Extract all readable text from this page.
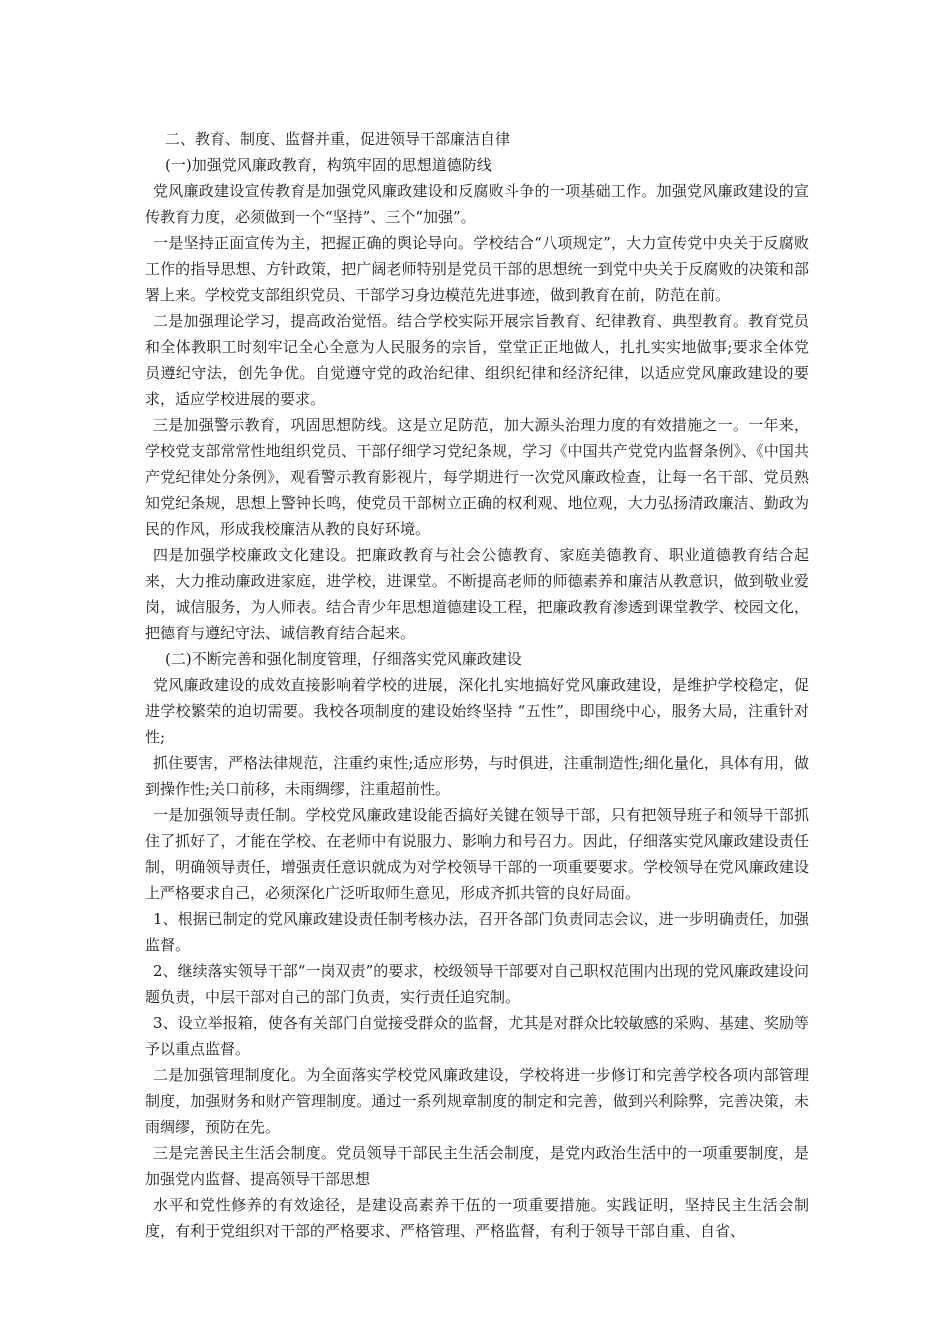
二、教育、制度、监督并重，促进领导干部廉洁自律

(一)加强党风廉政教育，构筑牢固的思想道德防线

党风廉政建设宣传教育是加强党风廉政建设和反腐败斗争的一项基础工作。加强党风廉政建设的宣传教育力度，必须做到一个“坚持”、三个“加强”。

一是坚持正面宣传为主，把握正确的舆论导向。学校结合“八项规定”，大力宣传党中央关于反腐败工作的指导思想、方针政策，把广阔老师特别是党员干部的思想统一到党中央关于反腐败的决策和部署上来。学校党支部组织党员、干部学习身边模范先进事迹，做到教育在前，防范在前。

二是加强理论学习，提高政治觉悟。结合学校实际开展宗旨教育、纪律教育、典型教育。教育党员和全体教职工时刻牢记全心全意为人民服务的宗旨，堂堂正正地做人，扎扎实实地做事;要求全体党员遵纪守法，创先争优。自觉遵守党的政治纪律、组织纪律和经济纪律，以适应党风廉政建设的要求，适应学校进展的要求。

三是加强警示教育，巩固思想防线。这是立足防范，加大源头治理力度的有效措施之一。一年来，学校党支部常常性地组织党员、干部仔细学习党纪条规，学习《中国共产党党内监督条例》、《中国共产党纪律处分条例》，观看警示教育影视片，每学期进行一次党风廉政检查，让每一名干部、党员熟知党纪条规，思想上警钟长鸣，使党员干部树立正确的权利观、地位观，大力弘扬清政廉洁、勤政为民的作风，形成我校廉洁从教的良好环境。

四是加强学校廉政文化建设。把廉政教育与社会公德教育、家庭美德教育、职业道德教育结合起来，大力推动廉政进家庭，进学校，进课堂。不断提高老师的师德素养和廉洁从教意识，做到敬业爱岗，诚信服务，为人师表。结合青少年思想道德建设工程，把廉政教育渗透到课堂教学、校园文化，把德育与遵纪守法、诚信教育结合起来。

(二)不断完善和强化制度管理，仔细落实党风廉政建设

党风廉政建设的成效直接影响着学校的进展，深化扎实地搞好党风廉政建设，是维护学校稳定，促进学校繁荣的迫切需要。我校各项制度的建设始终坚持 “五性”，即围绕中心，服务大局，注重针对性;

抓住要害，严格法律规范，注重约束性;适应形势，与时俱进，注重制造性;细化量化，具体有用，做到操作性;关口前移，未雨绸缪，注重超前性。

一是加强领导责任制。学校党风廉政建设能否搞好关键在领导干部，只有把领导班子和领导干部抓住了抓好了，才能在学校、在老师中有说服力、影响力和号召力。因此，仔细落实党风廉政建设责任制，明确领导责任，增强责任意识就成为对学校领导干部的一项重要要求。学校领导在党风廉政建设上严格要求自己，必须深化广泛听取师生意见，形成齐抓共管的良好局面。

1、根据已制定的党风廉政建设责任制考核办法，召开各部门负责同志会议，进一步明确责任，加强监督。

2、继续落实领导干部“一岗双责”的要求，校级领导干部要对自己职权范围内出现的党风廉政建设问题负责，中层干部对自己的部门负责，实行责任追究制。

3、设立举报箱，使各有关部门自觉接受群众的监督，尤其是对群众比较敏感的采购、基建、奖励等予以重点监督。

二是加强管理制度化。为全面落实学校党风廉政建设，学校将进一步修订和完善学校各项内部管理制度，加强财务和财产管理制度。通过一系列规章制度的制定和完善，做到兴利除弊，完善决策，未雨绸缪，预防在先。

三是完善民主生活会制度。党员领导干部民主生活会制度，是党内政治生活中的一项重要制度，是加强党内监督、提高领导干部思想

水平和党性修养的有效途径，是建设高素养干伍的一项重要措施。实践证明，坚持民主生活会制度，有利于党组织对干部的严格要求、严格管理、严格监督，有利于领导干部自重、自省、
